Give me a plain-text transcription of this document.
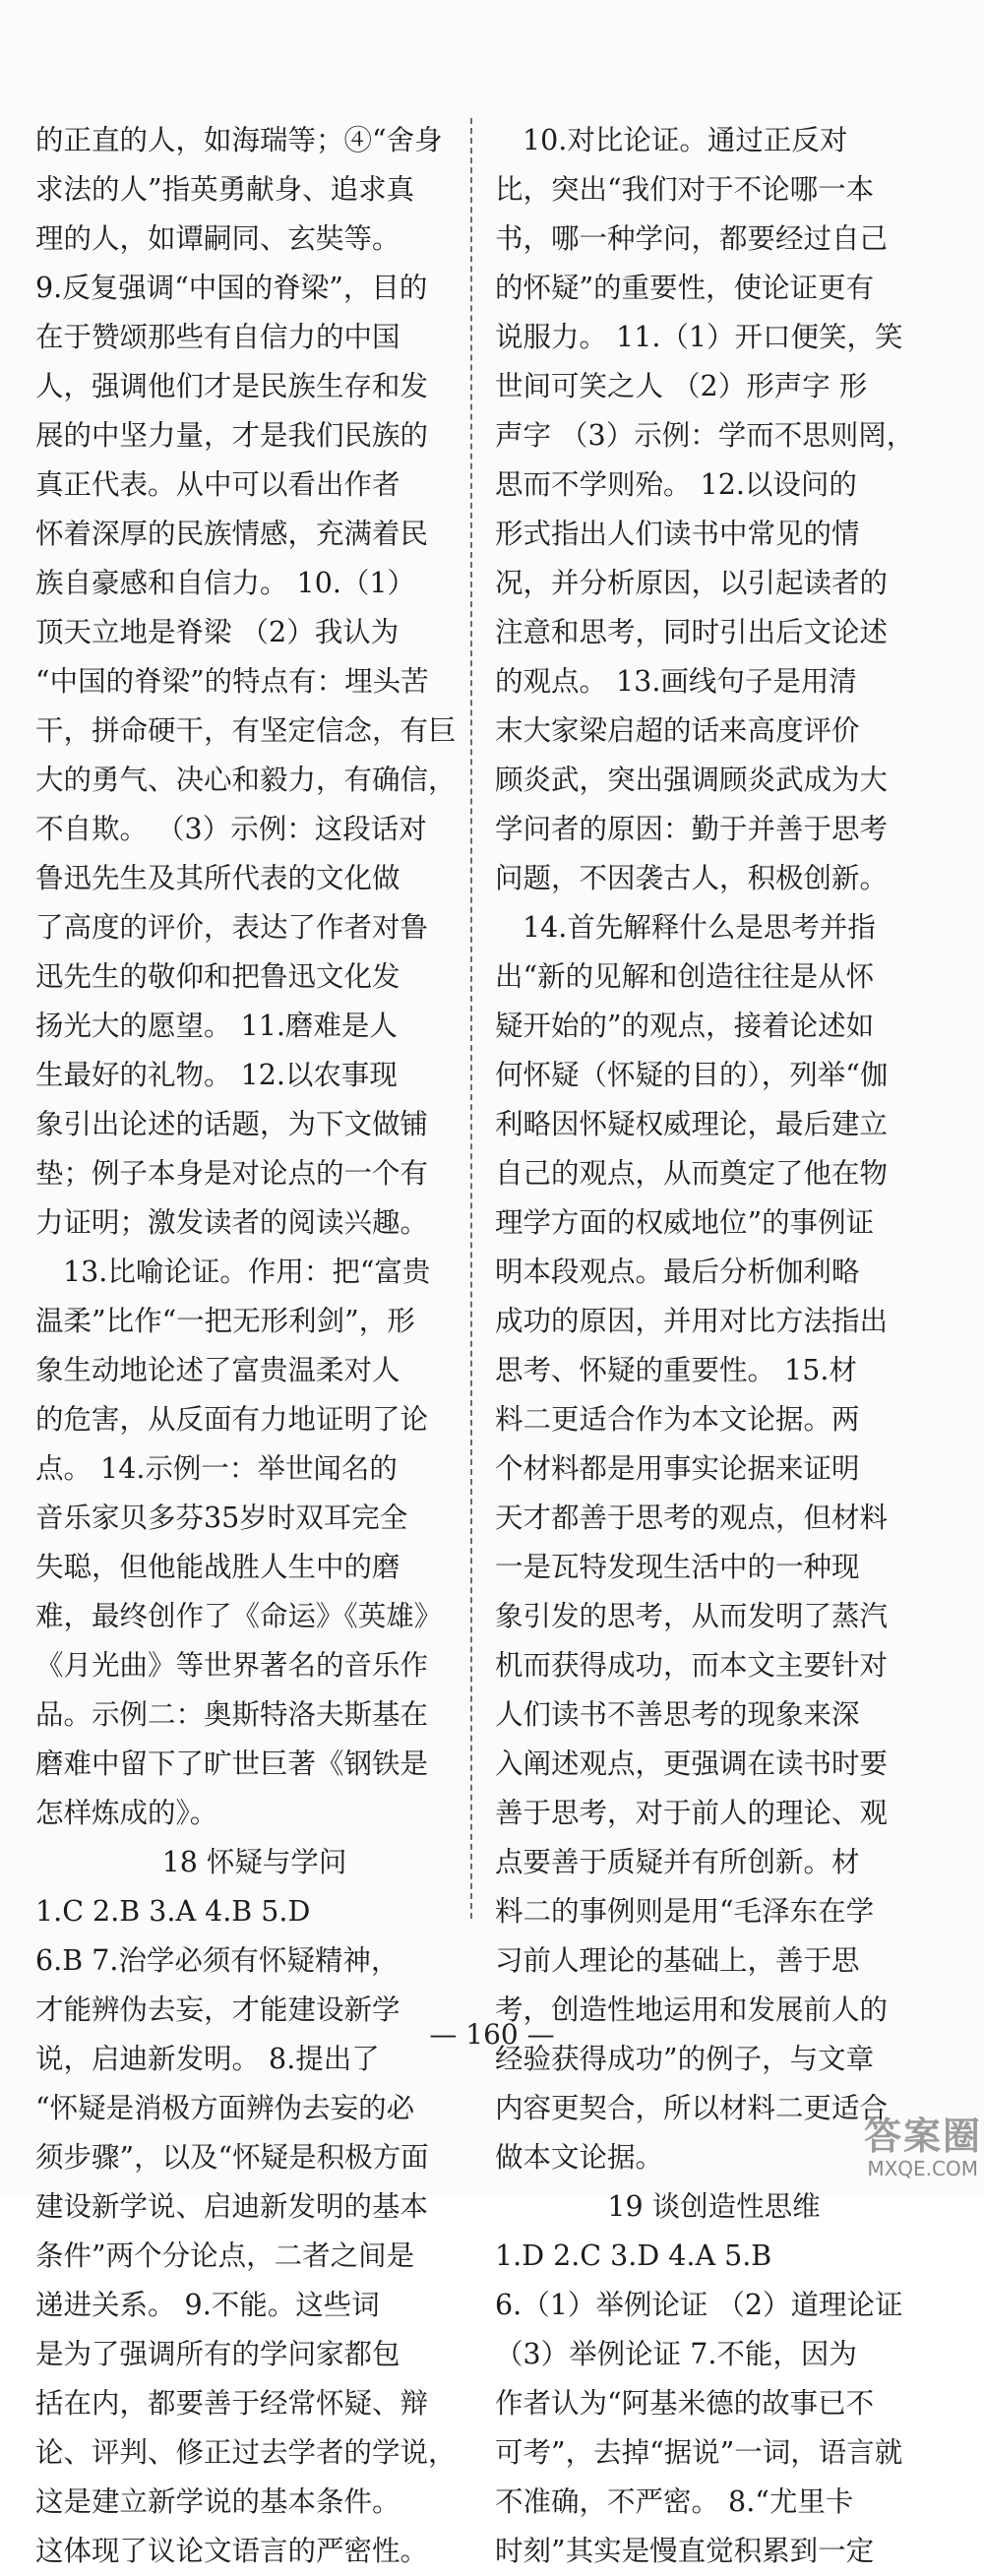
的正直的人，如海瑞等；④“舍身

求法的人”指英勇献身、追求真

理的人，如谭嗣同、玄奘等。

9.反复强调“中国的脊梁”，目的

在于赞颂那些有自信力的中国

人，强调他们才是民族生存和发

展的中坚力量，才是我们民族的

真正代表。从中可以看出作者

怀着深厚的民族情感，充满着民

族自豪感和自信力。 10.（1）

顶天立地是脊梁 （2）我认为

“中国的脊梁”的特点有：埋头苦

干，拼命硬干，有坚定信念，有巨

大的勇气、决心和毅力，有确信，

不自欺。 （3）示例：这段话对

鲁迅先生及其所代表的文化做

了高度的评价，表达了作者对鲁

迅先生的敬仰和把鲁迅文化发

扬光大的愿望。 11.磨难是人

生最好的礼物。 12.以农事现

象引出论述的话题，为下文做铺

垫；例子本身是对论点的一个有

力证明；激发读者的阅读兴趣。

13.比喻论证。作用：把“富贵

温柔”比作“一把无形利剑”，形

象生动地论述了富贵温柔对人

的危害，从反面有力地证明了论

点。 14.示例一：举世闻名的

音乐家贝多芬35岁时双耳完全

失聪，但他能战胜人生中的磨

难，最终创作了《命运》《英雄》

《月光曲》等世界著名的音乐作

品。示例二：奥斯特洛夫斯基在

磨难中留下了旷世巨著《钢铁是

怎样炼成的》。

18 怀疑与学问

1.C 2.B 3.A 4.B 5.D

6.B 7.治学必须有怀疑精神，

才能辨伪去妄，才能建设新学

说，启迪新发明。 8.提出了

“怀疑是消极方面辨伪去妄的必

须步骤”，以及“怀疑是积极方面

建设新学说、启迪新发明的基本

条件”两个分论点，二者之间是

递进关系。 9.不能。这些词

是为了强调所有的学问家都包

括在内，都要善于经常怀疑、辩

论、评判、修正过去学者的学说，

这是建立新学说的基本条件。

这体现了议论文语言的严密性。

10.对比论证。通过正反对

比，突出“我们对于不论哪一本

书，哪一种学问，都要经过自己

的怀疑”的重要性，使论证更有

说服力。 11.（1）开口便笑，笑

世间可笑之人 （2）形声字 形

声字 （3）示例：学而不思则罔，

思而不学则殆。 12.以设问的

形式指出人们读书中常见的情

况，并分析原因，以引起读者的

注意和思考，同时引出后文论述

的观点。 13.画线句子是用清

末大家梁启超的话来高度评价

顾炎武，突出强调顾炎武成为大

学问者的原因：勤于并善于思考

问题，不因袭古人，积极创新。

14.首先解释什么是思考并指

出“新的见解和创造往往是从怀

疑开始的”的观点，接着论述如

何怀疑（怀疑的目的），列举“伽

利略因怀疑权威理论，最后建立

自己的观点，从而奠定了他在物

理学方面的权威地位”的事例证

明本段观点。最后分析伽利略

成功的原因，并用对比方法指出

思考、怀疑的重要性。 15.材

料二更适合作为本文论据。两

个材料都是用事实论据来证明

天才都善于思考的观点，但材料

一是瓦特发现生活中的一种现

象引发的思考，从而发明了蒸汽

机而获得成功，而本文主要针对

人们读书不善思考的现象来深

入阐述观点，更强调在读书时要

善于思考，对于前人的理论、观

点要善于质疑并有所创新。材

料二的事例则是用“毛泽东在学

习前人理论的基础上，善于思

考，创造性地运用和发展前人的

经验获得成功”的例子，与文章

内容更契合，所以材料二更适合

做本文论据。

19 谈创造性思维

1.D 2.C 3.D 4.A 5.B

6.（1）举例论证 （2）道理论证

（3）举例论证 7.不能，因为

作者认为“阿基米德的故事已不

可考”，去掉“据说”一词，语言就

不准确，不严密。 8.“尤里卡

时刻”其实是慢直觉积累到一定

— 160 —
答案圈
MXQE.COM
